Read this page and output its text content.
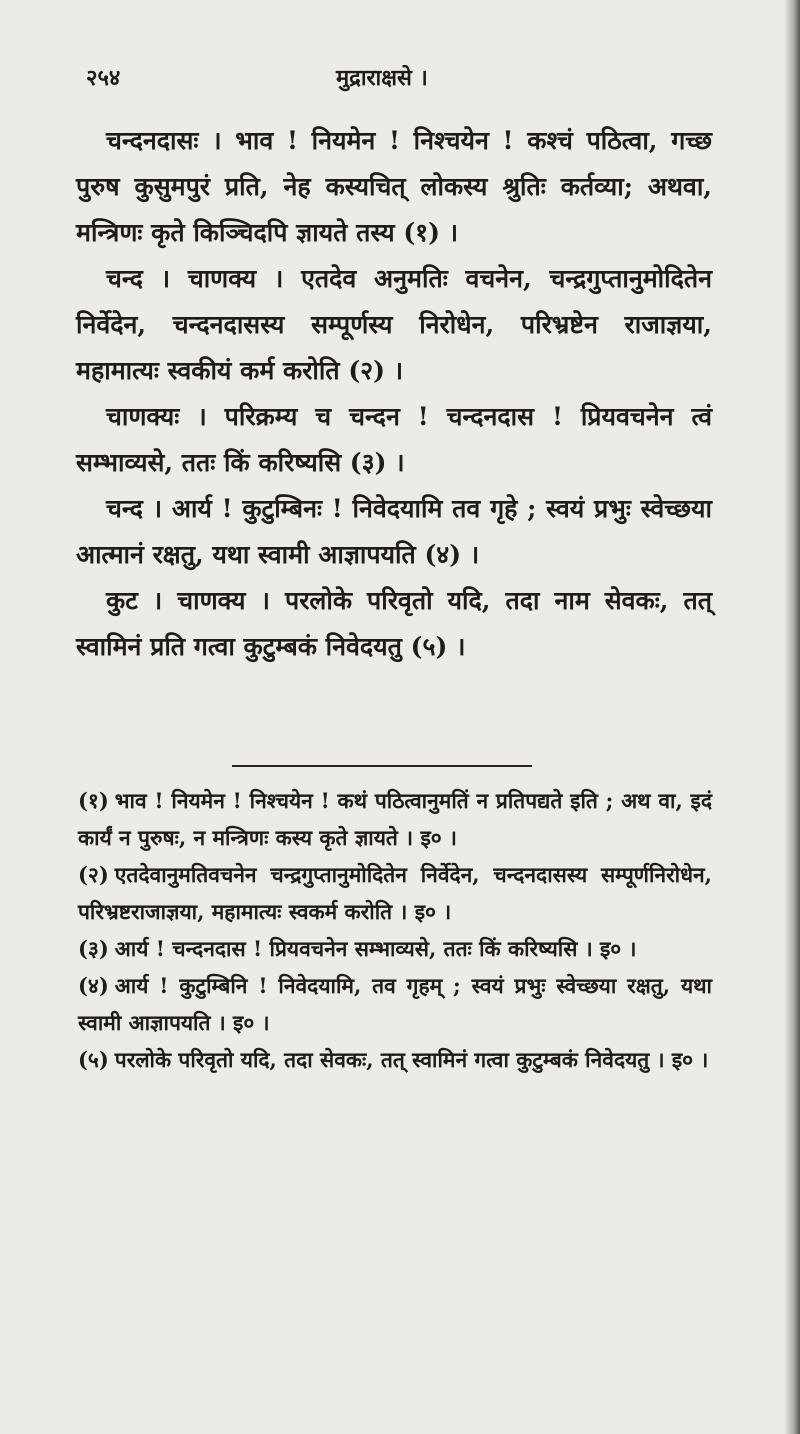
२५४	मुद्राराक्षसे ।

चन्दनदासः । भाव ! नियमेन ! निश्चयेन ! कश्चं पठित्वा, गच्छ पुरुष कुसुमपुरं प्रति, नेह कस्यचित् लोकस्य श्रुतिः कर्तव्या; अथवा, मन्त्रिणः कृते किञ्चिदपि ज्ञायते तस्य (१) ।

चन्द । चाणक्य । एतदेव अनुमतिः वचनेन, चन्द्रगुप्तानुमोदितेन निर्वेदेन, चन्दनदासस्य सम्पूर्णस्य निरोधेन, परिभ्रष्टेन राजाज्ञया, महामात्यः स्वकीयं कर्म करोति (२) ।

चाणक्यः । परिक्रम्य च चन्दन ! चन्दनदास ! प्रियवचनेन त्वं सम्भाव्यसे, ततः किं करिष्यसि (३) ।

चन्द । आर्य ! कुटुम्बिनः ! निवेदयामि तव गृहे ; स्वयं प्रभुः स्वेच्छया आत्मानं रक्षतु, यथा स्वामी आज्ञापयति (४) ।

कुट । चाणक्य । परलोके परिवृतो यदि, तदा नाम सेवकः, तत् स्वामिनं प्रति गत्वा कुटुम्बकं निवेदयतु (५) ।

(१) भाव ! नियमेन ! निश्चयेन ! कथं पठित्वानुमतिं न प्रतिपद्यते इति ; अथ वा, इदं कार्यं न पुरुषः, न मन्त्रिणः कस्य कृते ज्ञायते । इ० ।

(२) एतदेवानुमतिवचनेन चन्द्रगुप्तानुमोदितेन निर्वेदेन, चन्दनदासस्य सम्पूर्णनिरोधेन, परिभ्रष्टराजाज्ञया, महामात्यः स्वकर्म करोति । इ० ।

(३) आर्य ! चन्दनदास ! प्रियवचनेन सम्भाव्यसे, ततः किं करिष्यसि । इ० ।

(४) आर्य ! कुटुम्बिनि ! निवेदयामि, तव गृहम् ; स्वयं प्रभुः स्वेच्छया रक्षतु, यथा स्वामी आज्ञापयति । इ० ।

(५) परलोके परिवृतो यदि, तदा सेवकः, तत् स्वामिनं गत्वा कुटुम्बकं निवेदयतु । इ० ।
